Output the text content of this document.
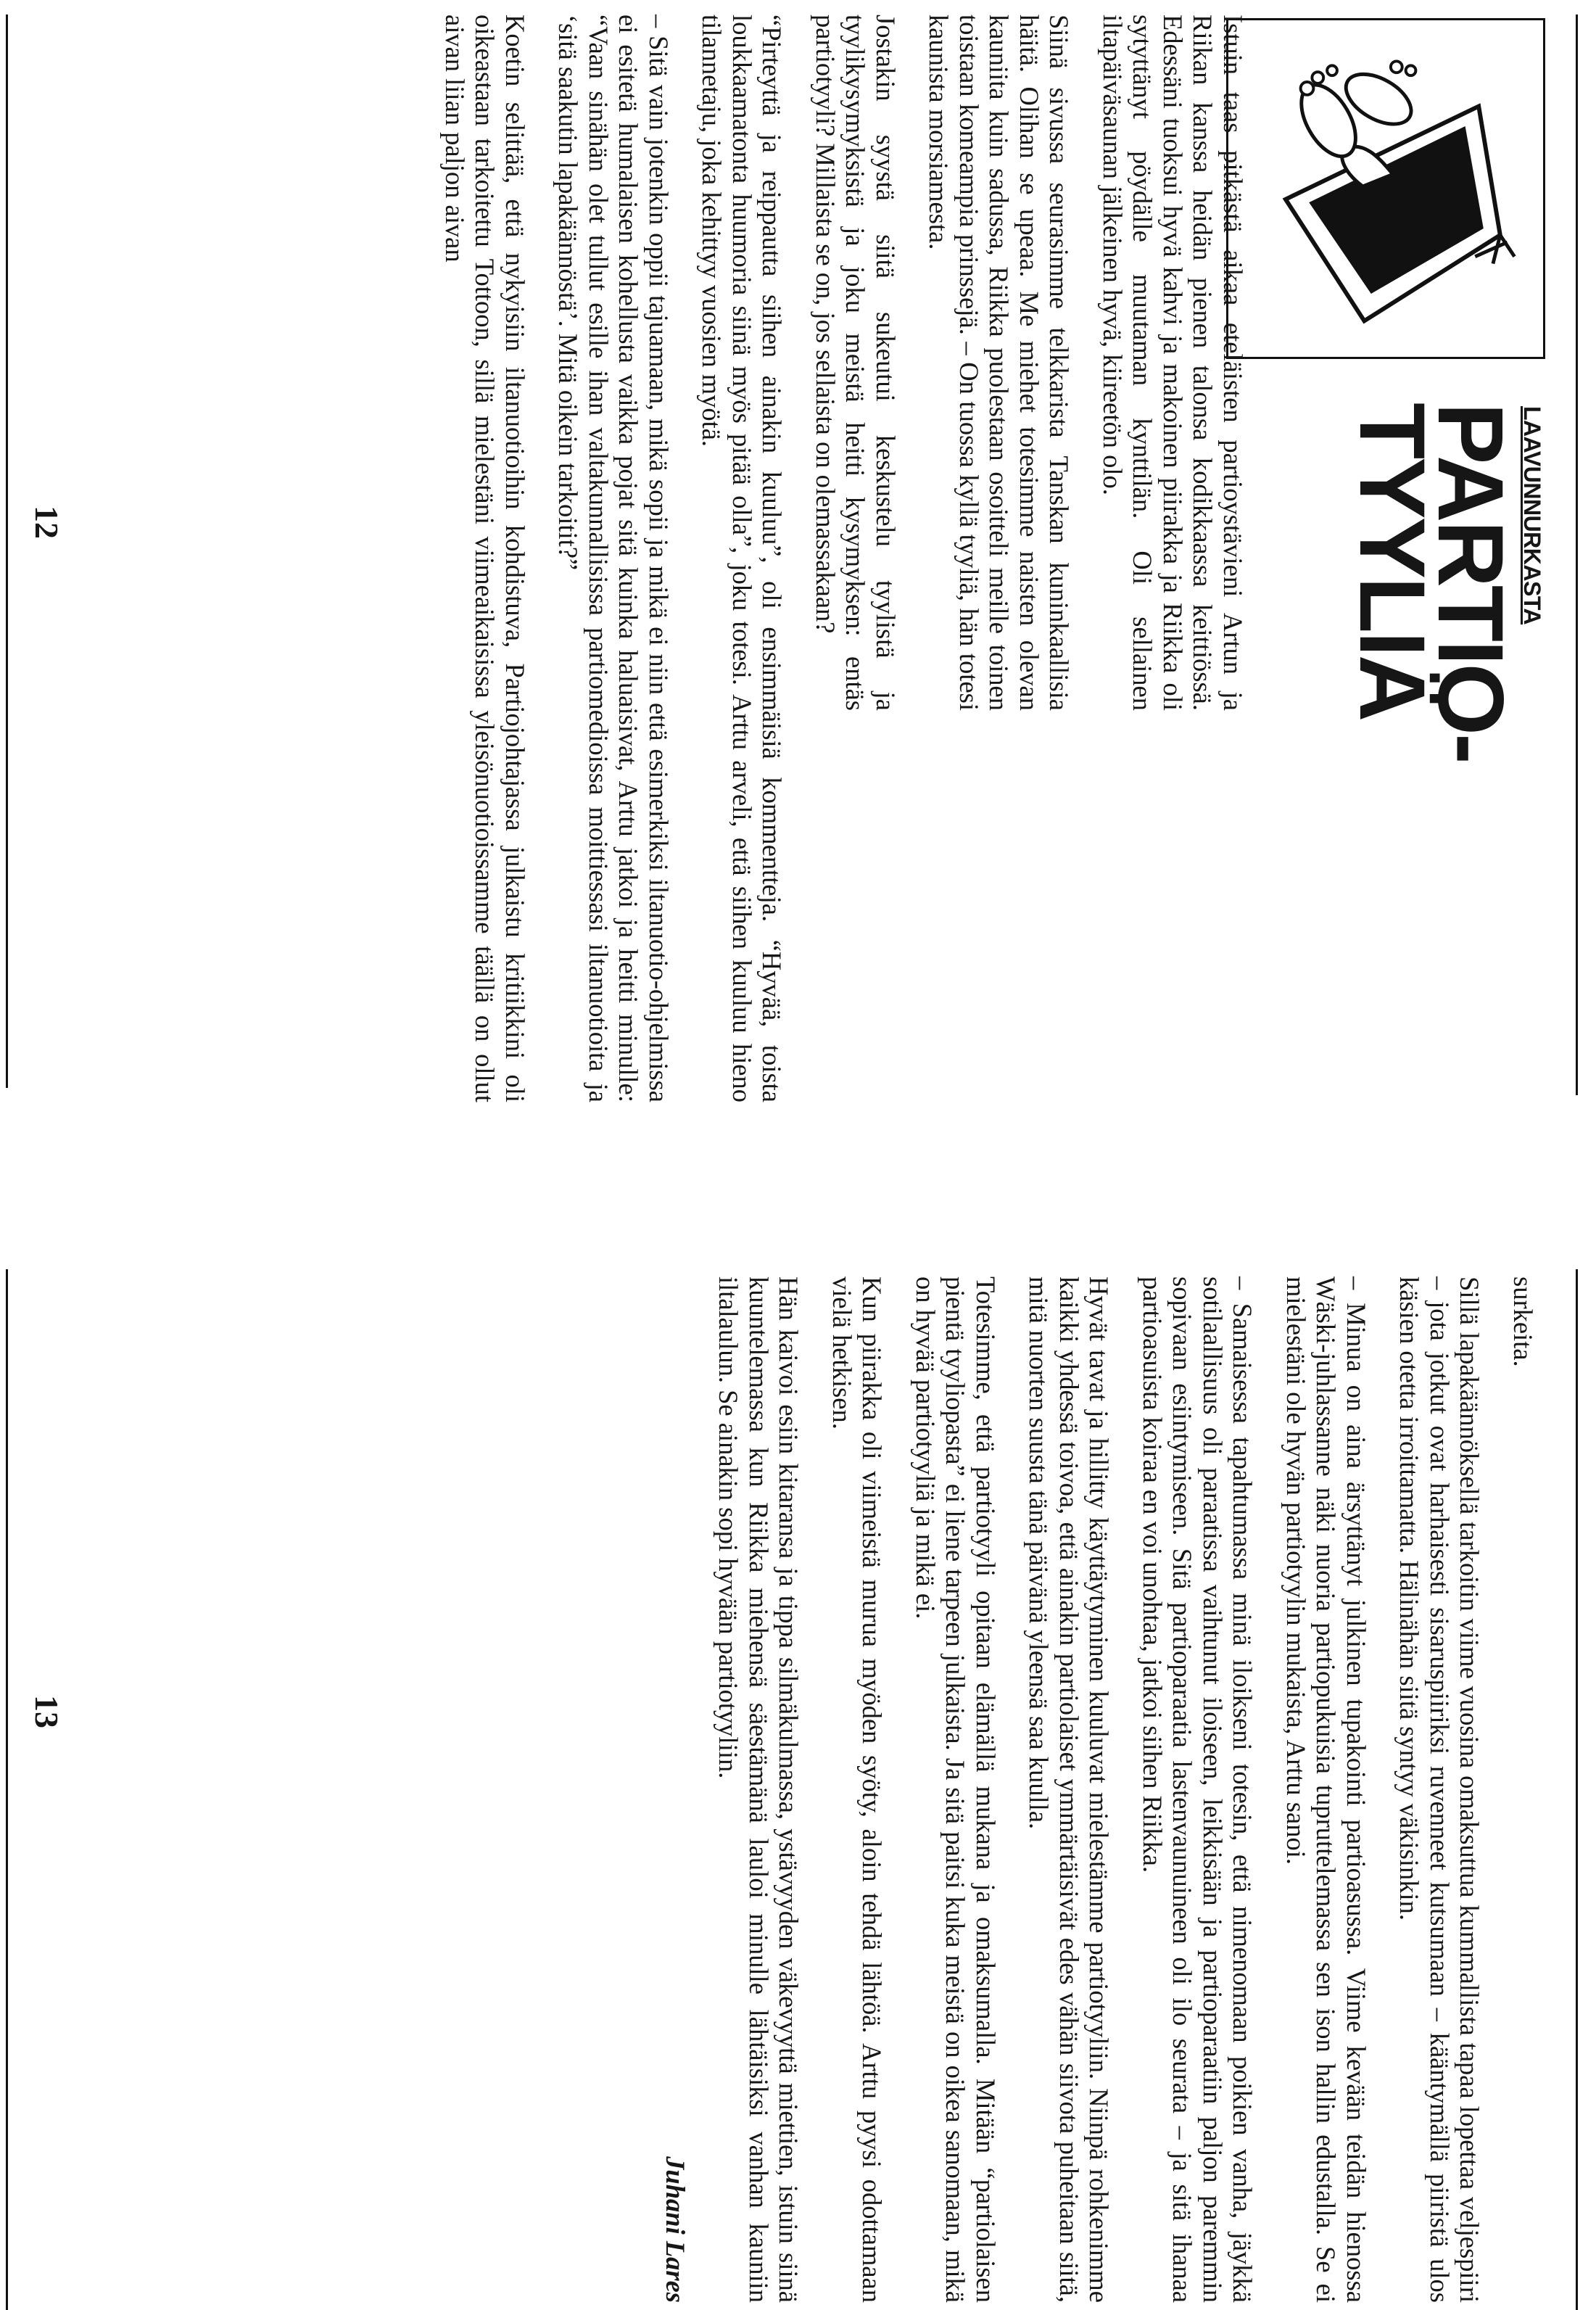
LAAVUNNURKASTA
PARTIO-
TYYLIÄ

Istuin taas pitkästä aikaa eteläisten partioystävieni Artun ja Riikan kanssa heidän pienen talonsa kodikkaassa keittiössä. Edessäni tuoksui hyvä kahvi ja makoinen piirakka ja Riikka oli sytyttänyt pöydälle muutaman kynttilän. Oli sellainen iltapäiväsaunan jälkeinen hyvä, kiireetön olo.

Siinä sivussa seurasimme telkkarista Tanskan kuninkaallisia häitä. Olihan se upeaa. Me miehet totesimme naisten olevan kauniita kuin sadussa, Riikka puolestaan osoitteli meille toinen toistaan komeampia prinssejä. – On tuossa kyllä tyyliä, hän totesi kaunista morsiamesta.

Jostakin syystä siitä sukeutui keskustelu tyylistä ja tyylikysymyksistä ja joku meistä heitti kysymyksen: entäs partiotyyli? Millaista se on, jos sellaista on olemassakaan?

“Pirteyttä ja reippautta siihen ainakin kuuluu”, oli ensimmäisiä kommentteja. “Hyvää, toista loukkaamatonta huumoria siinä myös pitää olla”, joku totesi. Arttu arveli, että siihen kuuluu hieno tilannetaju, joka kehittyy vuosien myötä.

– Sitä vain jotenkin oppii tajuamaan, mikä sopii ja mikä ei niin että esimerkiksi iltanuotio-ohjelmissa ei esitetä humalaisen kohellusta vaikka pojat sitä kuinka haluaisivat, Arttu jatkoi ja heitti minulle: “Vaan sinähän olet tullut esille ihan valtakunnallisissa partiomedioissa moittiessasi iltanuotioita ja ‘sitä saakutin lapakäännöstä’. Mitä oikein tarkoitit?”

Koetin selittää, että nykyisiin iltanuotioihin kohdistuva, Partiojohtajassa julkaistu kritiikkini oli oikeastaan tarkoitettu Tottoon, sillä mielestäni viimeaikaisissa yleisönuotioissamme täällä on ollut aivan liian paljon aivan

12

surkeita.

Sillä lapakäännöksellä tarkoitin viime vuosina omaksuttua kummallista tapaa lopettaa veljespiiri – jota jotkut ovat harhaisesti sisaruspiiriksi ruvenneet kutsumaan – kääntymällä piiristä ulos käsien otetta irroittamatta. Hälinähän siitä syntyy väkisinkin.

– Minua on aina ärsyttänyt julkinen tupakointi partioasussa. Viime kevään teidän hienossa Wäski-juhlassanne näki nuoria partiopukuisia tupruttelemassa sen ison hallin edustalla. Se ei mielestäni ole hyvän partiotyylin mukaista, Arttu sanoi.

– Samaisessa tapahtumassa minä iloikseni totesin, että nimenomaan poikien vanha, jäykkä sotilaallisuus oli paraatissa vaihtunut iloiseen, leikkisään ja partioparaatiin paljon paremmin sopivaan esiintymiseen. Sitä partioparaatia lastenvaunuineen oli ilo seurata – ja sitä ihanaa partioasuista koiraa en voi unohtaa, jatkoi siihen Riikka.

Hyvät tavat ja hillitty käyttäytyminen kuuluvat mielestämme partiotyyliin. Niinpä rohkenimme kaikki yhdessä toivoa, että ainakin partiolaiset ymmärtäisivät edes vähän siivota puheitaan siitä, mitä nuorten suusta tänä päivänä yleensä saa kuulla.

Totesimme, että partiotyyli opitaan elämällä mukana ja omaksumalla. Mitään “partiolaisen pientä tyyliopasta” ei liene tarpeen julkaista. Ja sitä paitsi kuka meistä on oikea sanomaan, mikä on hyvää partiotyyliä ja mikä ei.

Kun piirakka oli viimeistä murua myöden syöty, aloin tehdä lähtöä. Arttu pyysi odottamaan vielä hetkisen.

Hän kaivoi esiin kitaransa ja tippa silmäkulmassa, ystävyyden väkevyyttä miettien, istuin siinä kuuntelemassa kun Riikka miehensä säestämänä lauloi minulle lähtäisiksi vanhan kauniin iltalaulun. Se ainakin sopi hyvään partiotyyliin.

Juhani Lares
13
